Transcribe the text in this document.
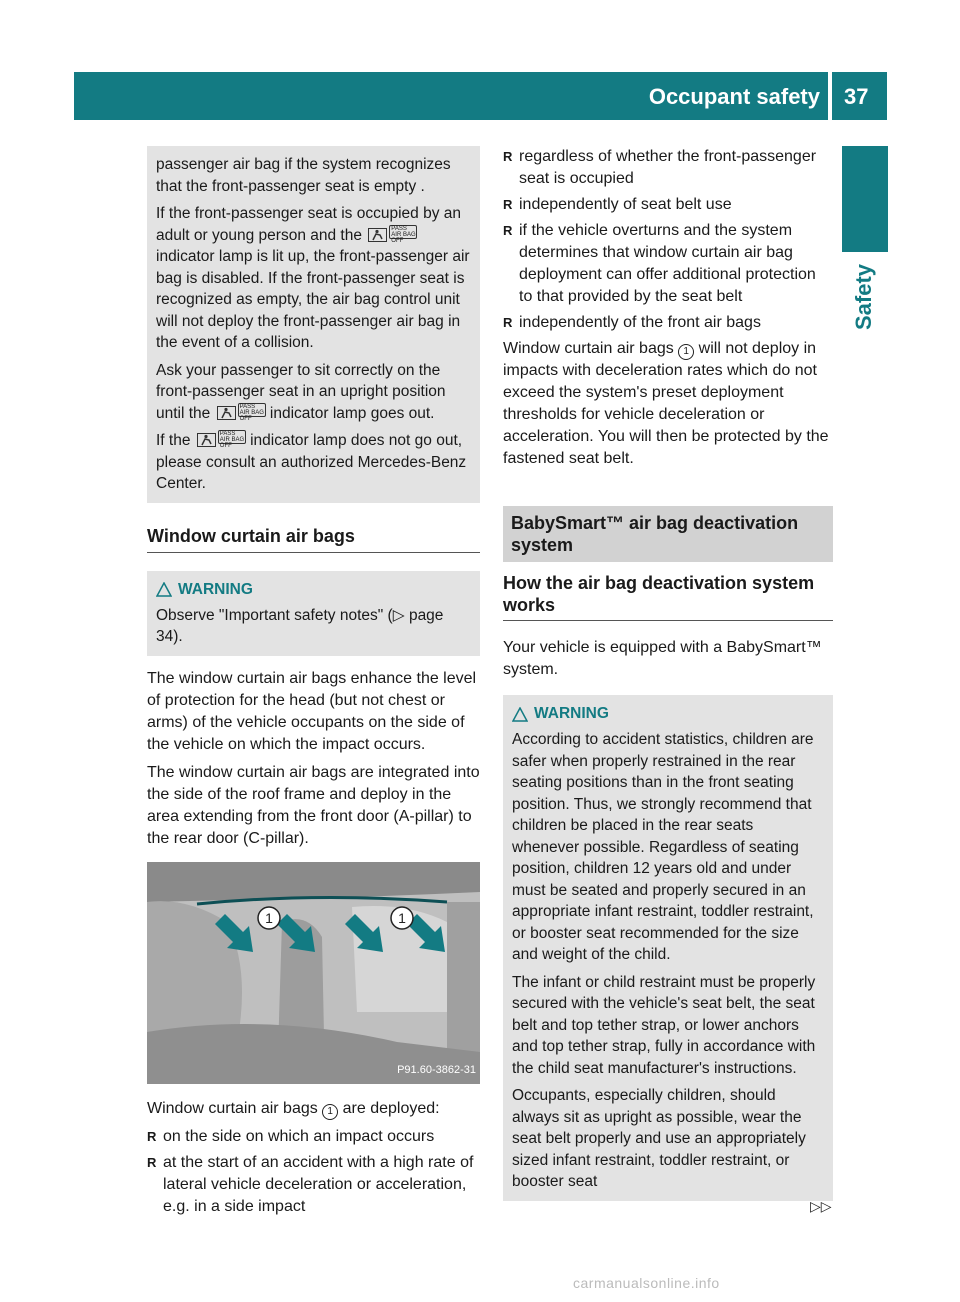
Occupant safety 37
Safety

passenger air bag if the system recognizes that the front-passenger seat is empty .

If the front-passenger seat is occupied by an adult or young person and the	PASS AIR BAG OFF indicator lamp is lit up, the front-passenger air bag is disabled. If the front-passenger seat is recognized as empty, the air bag control unit will not deploy the front-passenger air bag in the event of a collision.

Ask your passenger to sit correctly on the front-passenger seat in an upright position until the	PASS AIR BAG OFF indicator lamp goes out.

If the	PASS AIR BAG OFF indicator lamp does not go out, please consult an authorized Mercedes-Benz Center.

Window curtain air bags
WARNING

Observe "Important safety notes" (▷ page 34).

The window curtain air bags enhance the level of protection for the head (but not chest or arms) of the vehicle occupants on the side of the vehicle on which the impact occurs.

The window curtain air bags are integrated into the side of the roof frame and deploy in the area extending from the front door (A-pillar) to the rear door (C-pillar).

1	1
P91.60-3862-31

Window curtain air bags 1 are deployed:

R on the side on which an impact occurs
R at the start of an accident with a high rate of lateral vehicle deceleration or acceleration, e.g. in a side impact
R regardless of whether the front-passenger seat is occupied
R independently of seat belt use
R if the vehicle overturns and the system determines that window curtain air bag deployment can offer additional protection to that provided by the seat belt
R independently of the front air bags

Window curtain air bags 1 will not deploy in impacts with deceleration rates which do not exceed the system's preset deployment thresholds for vehicle deceleration or acceleration. You will then be protected by the fastened seat belt.

BabySmart™ air bag deactivation system
How the air bag deactivation system works

Your vehicle is equipped with a BabySmart™ system.

WARNING

According to accident statistics, children are safer when properly restrained in the rear seating positions than in the front seating position. Thus, we strongly recommend that children be placed in the rear seats whenever possible. Regardless of seating position, children 12 years old and under must be seated and properly secured in an appropriate infant restraint, toddler restraint, or booster seat recommended for the size and weight of the child.

The infant or child restraint must be properly secured with the vehicle's seat belt, the seat belt and top tether strap, or lower anchors and top tether strap, fully in accordance with the child seat manufacturer's instructions.

Occupants, especially children, should always sit as upright as possible, wear the seat belt properly and use an appropriately sized infant restraint, toddler restraint, or booster seat

▷▷
carmanualsonline.info
